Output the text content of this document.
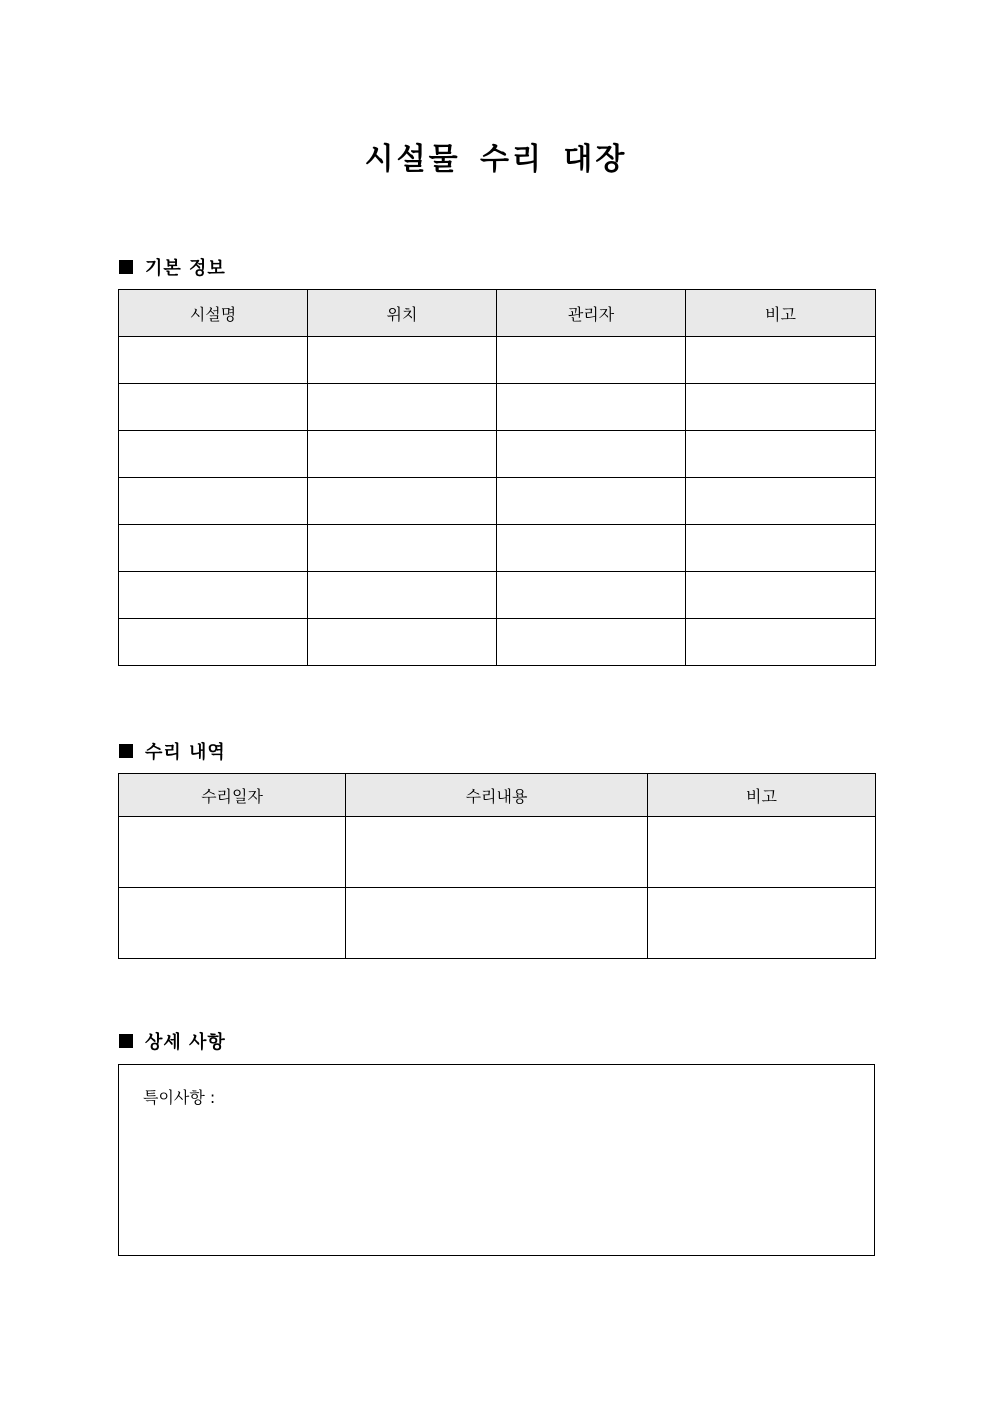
시설물 수리 대장
기본 정보
시설명	위치	관리자	비고

수리 내역
수리일자	수리내용	비고

상세 사항
특이사항 :
